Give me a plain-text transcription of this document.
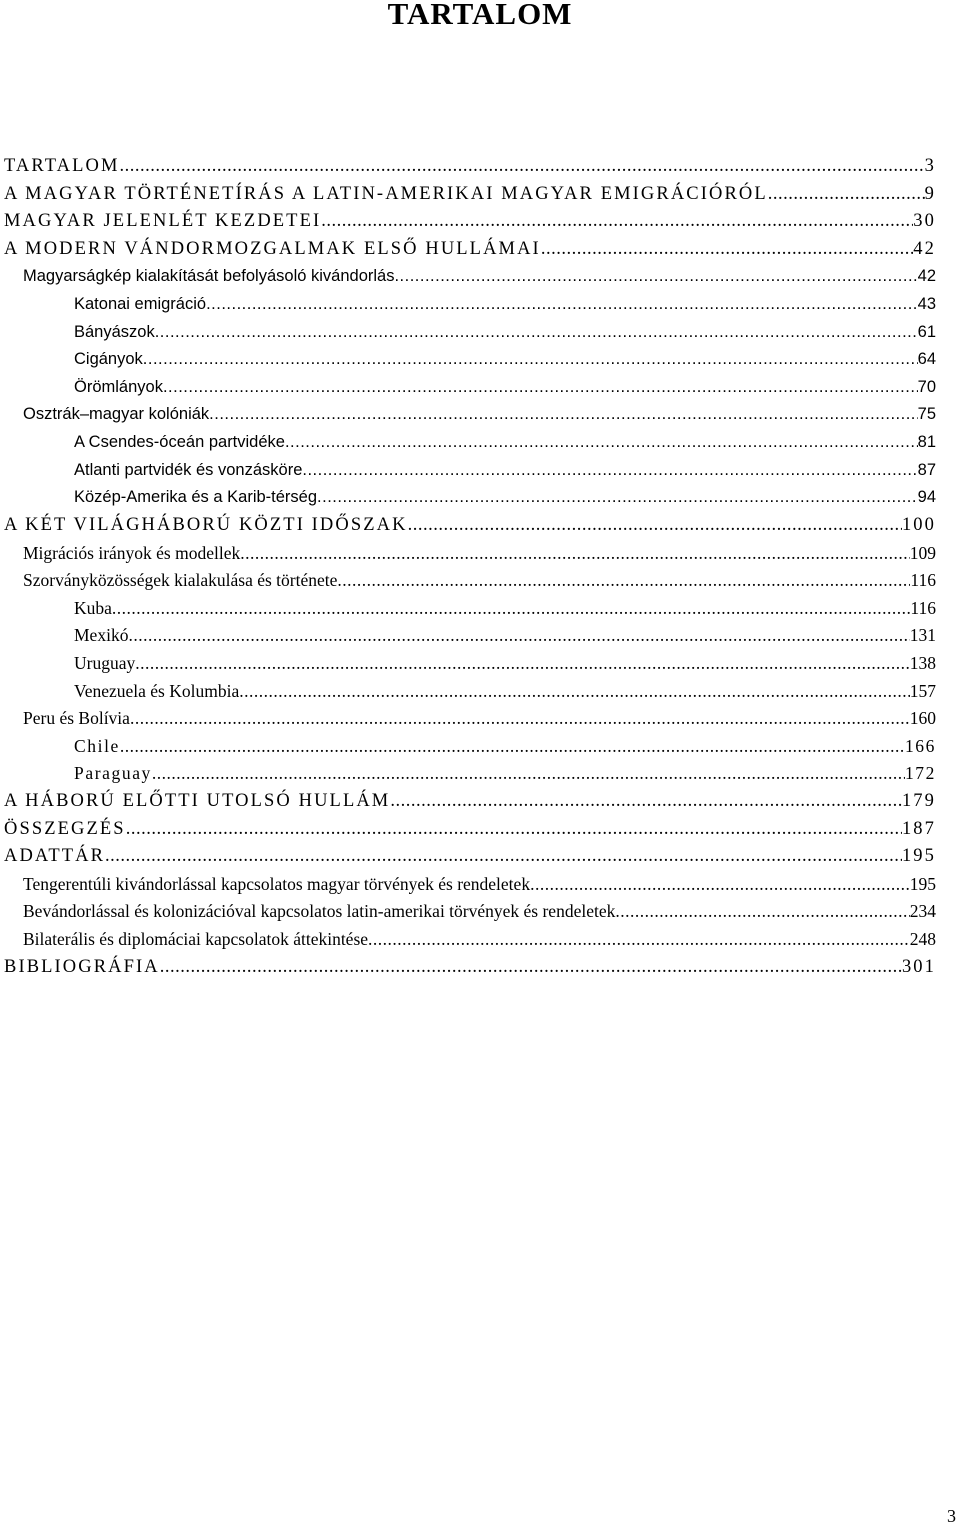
TARTALOM
TARTALOM .....	3
A MAGYAR TÖRTÉNETÍRÁS A LATIN-AMERIKAI MAGYAR EMIGRÁCIÓRÓL .....	9
MAGYAR JELENLÉT KEZDETEI .....	30
A MODERN VÁNDORMOZGALMAK ELSŐ HULLÁMAI .....	42
Magyarságkép kialakítását befolyásoló kivándorlás .....	42
Katonai emigráció .....	43
Bányászok .....	61
Cigányok .....	64
Örömlányok .....	70
Osztrák–magyar kolóniák .....	75
A Csendes-óceán partvidéke .....	81
Atlanti partvidék és vonzásköre .....	87
Közép-Amerika és a Karib-térség .....	94
A KÉT VILÁGHÁBORÚ KÖZTI IDŐSZAK .....	100
Migrációs irányok és modellek .....	109
Szorványközösségek kialakulása és története .....	116
Kuba .....	116
Mexikó .....	131
Uruguay .....	138
Venezuela és Kolumbia .....	157
Peru és Bolívia .....	160
Chile .....	166
Paraguay .....	172
A HÁBORÚ ELŐTTI UTOLSÓ HULLÁM .....	179
ÖSSZEGZÉS .....	187
ADATTÁR .....	195
Tengerentúli kivándorlással kapcsolatos magyar törvények és rendeletek .....	195
Bevándorlással és kolonizációval kapcsolatos latin-amerikai törvények és rendeletek .....	234
Bilaterális és diplomáciai kapcsolatok áttekintése .....	248
BIBLIOGRÁFIA .....	301
3
